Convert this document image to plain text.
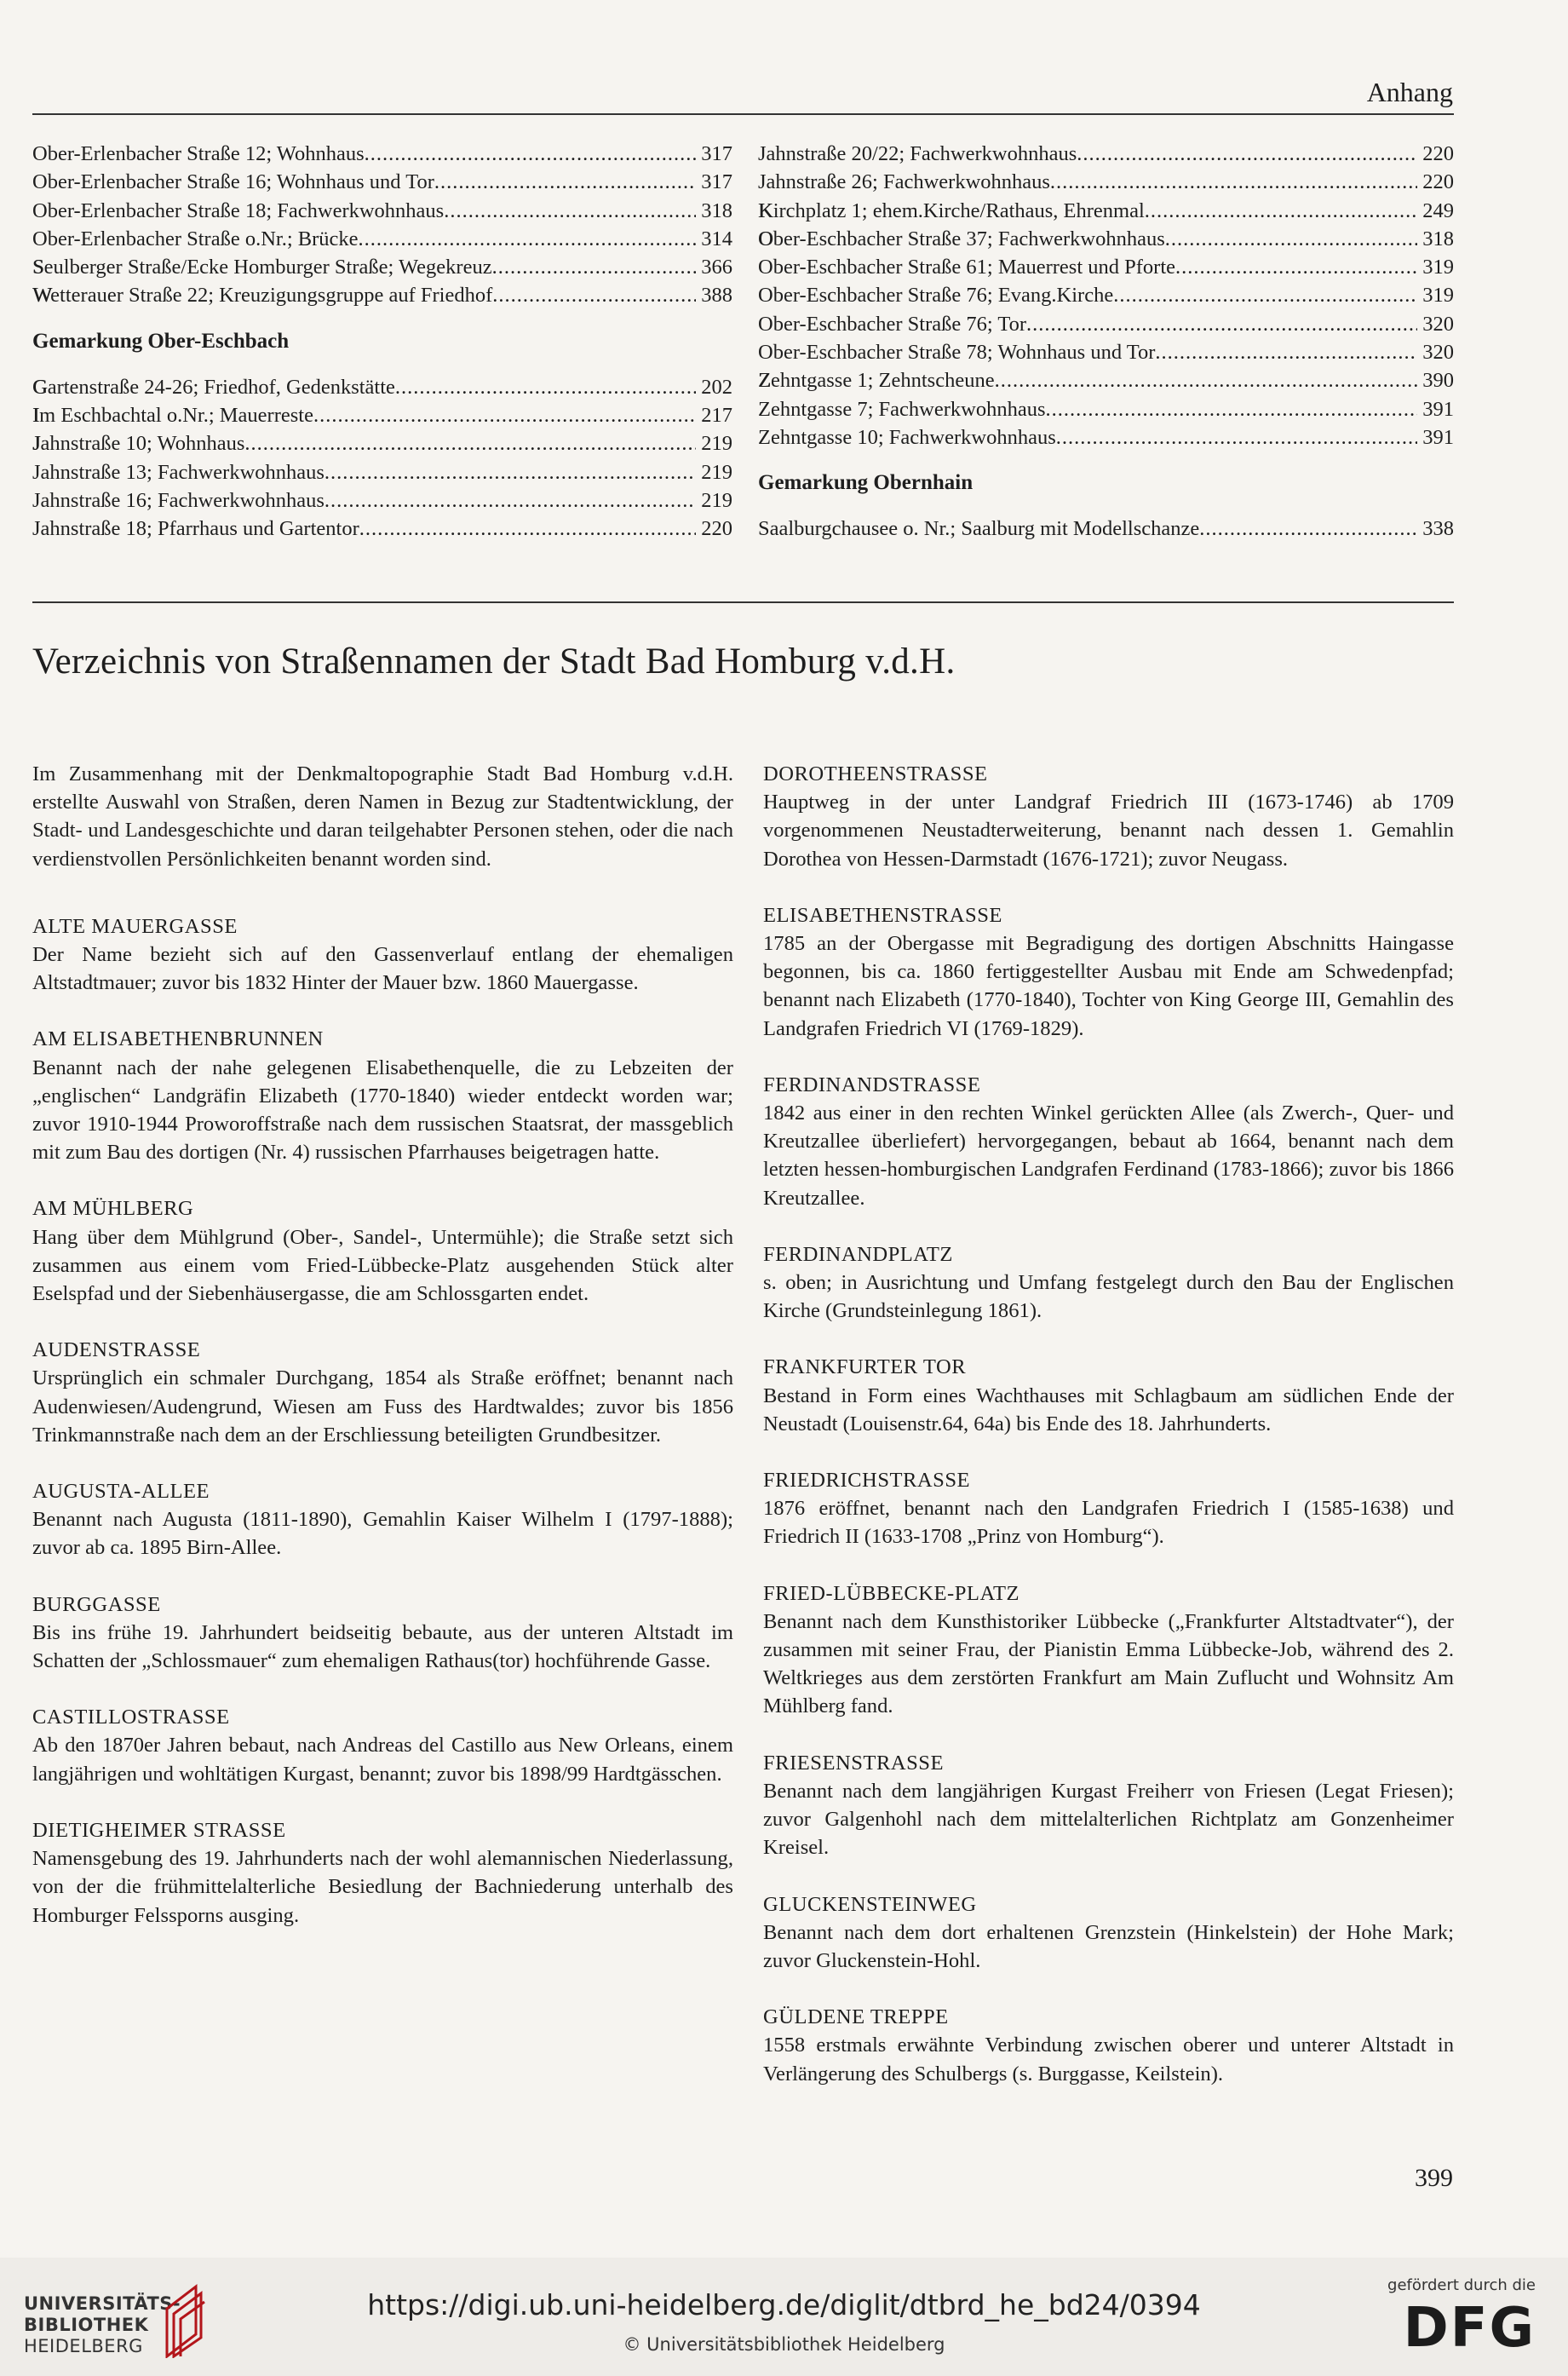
Anhang
Ober-Erlenbacher Straße 12; Wohnhaus .....	317
Ober-Erlenbacher Straße 16; Wohnhaus und Tor .....	317
Ober-Erlenbacher Straße 18; Fachwerkwohnhaus .....	318
Ober-Erlenbacher Straße o.Nr.; Brücke .....	314
Seulberger Straße/Ecke Homburger Straße; Wegekreuz .....	366
Wetterauer Straße 22; Kreuzigungsgruppe auf Friedhof .....	388
Gemarkung Ober-Eschbach
Gartenstraße 24-26; Friedhof, Gedenkstätte .....	202
Im Eschbachtal o.Nr.; Mauerreste .....	217
Jahnstraße 10; Wohnhaus .....	219
Jahnstraße 13; Fachwerkwohnhaus .....	219
Jahnstraße 16; Fachwerkwohnhaus .....	219
Jahnstraße 18; Pfarrhaus und Gartentor .....	220
Jahnstraße 20/22; Fachwerkwohnhaus .....	220
Jahnstraße 26; Fachwerkwohnhaus .....	220
Kirchplatz 1; ehem.Kirche/Rathaus, Ehrenmal .....	249
Ober-Eschbacher Straße 37; Fachwerkwohnhaus .....	318
Ober-Eschbacher Straße 61; Mauerrest und Pforte .....	319
Ober-Eschbacher Straße 76; Evang.Kirche .....	319
Ober-Eschbacher Straße 76; Tor .....	320
Ober-Eschbacher Straße 78; Wohnhaus und Tor .....	320
Zehntgasse 1; Zehntscheune .....	390
Zehntgasse 7; Fachwerkwohnhaus .....	391
Zehntgasse 10; Fachwerkwohnhaus .....	391
Gemarkung Obernhain
Saalburgchausee o. Nr.; Saalburg mit Modellschanze .....	338
Verzeichnis von Straßennamen der Stadt Bad Homburg v.d.H.
Im Zusammenhang mit der Denkmaltopographie Stadt Bad Homburg v.d.H. erstellte Auswahl von Straßen, deren Namen in Bezug zur Stadtentwicklung, der Stadt- und Landesgeschichte und daran teilgehabter Personen stehen, oder die nach verdienstvollen Persönlichkeiten benannt worden sind.
ALTE MAUERGASSE
Der Name bezieht sich auf den Gassenverlauf entlang der ehemaligen Altstadtmauer; zuvor bis 1832 Hinter der Mauer bzw. 1860 Mauergasse.
AM ELISABETHENBRUNNEN
Benannt nach der nahe gelegenen Elisabethenquelle, die zu Lebzeiten der „englischen“ Landgräfin Elizabeth (1770-1840) wieder entdeckt worden war; zuvor 1910-1944 Proworoffstraße nach dem russischen Staatsrat, der massgeblich mit zum Bau des dortigen (Nr. 4) russischen Pfarrhauses beigetragen hatte.
AM MÜHLBERG
Hang über dem Mühlgrund (Ober-, Sandel-, Untermühle); die Straße setzt sich zusammen aus einem vom Fried-Lübbecke-Platz ausgehenden Stück alter Eselspfad und der Siebenhäusergasse, die am Schlossgarten endet.
AUDENSTRASSE
Ursprünglich ein schmaler Durchgang, 1854 als Straße eröffnet; benannt nach Audenwiesen/Audengrund, Wiesen am Fuss des Hardtwaldes; zuvor bis 1856 Trinkmannstraße nach dem an der Erschliessung beteiligten Grundbesitzer.
AUGUSTA-ALLEE
Benannt nach Augusta (1811-1890), Gemahlin Kaiser Wilhelm I (1797-1888); zuvor ab ca. 1895 Birn-Allee.
BURGGASSE
Bis ins frühe 19. Jahrhundert beidseitig bebaute, aus der unteren Altstadt im Schatten der „Schlossmauer“ zum ehemaligen Rathaus(tor) hochführende Gasse.
CASTILLOSTRASSE
Ab den 1870er Jahren bebaut, nach Andreas del Castillo aus New Orleans, einem langjährigen und wohltätigen Kurgast, benannt; zuvor bis 1898/99 Hardtgässchen.
DIETIGHEIMER STRASSE
Namensgebung des 19. Jahrhunderts nach der wohl alemannischen Niederlassung, von der die frühmittelalterliche Besiedlung der Bachniederung unterhalb des Homburger Felssporns ausging.
DOROTHEENSTRASSE
Hauptweg in der unter Landgraf Friedrich III (1673-1746) ab 1709 vorgenommenen Neustadterweiterung, benannt nach dessen 1. Gemahlin Dorothea von Hessen-Darmstadt (1676-1721); zuvor Neugass.
ELISABETHENSTRASSE
1785 an der Obergasse mit Begradigung des dortigen Abschnitts Haingasse begonnen, bis ca. 1860 fertiggestellter Ausbau mit Ende am Schwedenpfad; benannt nach Elizabeth (1770-1840), Tochter von King George III, Gemahlin des Landgrafen Friedrich VI (1769-1829).
FERDINANDSTRASSE
1842 aus einer in den rechten Winkel gerückten Allee (als Zwerch-, Quer- und Kreutzallee überliefert) hervorgegangen, bebaut ab 1664, benannt nach dem letzten hessen-homburgischen Landgrafen Ferdinand (1783-1866); zuvor bis 1866 Kreutzallee.
FERDINANDPLATZ
s. oben; in Ausrichtung und Umfang festgelegt durch den Bau der Englischen Kirche (Grundsteinlegung 1861).
FRANKFURTER TOR
Bestand in Form eines Wachthauses mit Schlagbaum am südlichen Ende der Neustadt (Louisenstr.64, 64a) bis Ende des 18. Jahrhunderts.
FRIEDRICHSTRASSE
1876 eröffnet, benannt nach den Landgrafen Friedrich I (1585-1638) und Friedrich II (1633-1708 „Prinz von Homburg“).
FRIED-LÜBBECKE-PLATZ
Benannt nach dem Kunsthistoriker Lübbecke („Frankfurter Altstadtvater“), der zusammen mit seiner Frau, der Pianistin Emma Lübbecke-Job, während des 2. Weltkrieges aus dem zerstörten Frankfurt am Main Zuflucht und Wohnsitz Am Mühlberg fand.
FRIESENSTRASSE
Benannt nach dem langjährigen Kurgast Freiherr von Friesen (Legat Friesen); zuvor Galgenhohl nach dem mittelalterlichen Richtplatz am Gonzenheimer Kreisel.
GLUCKENSTEINWEG
Benannt nach dem dort erhaltenen Grenzstein (Hinkelstein) der Hohe Mark; zuvor Gluckenstein-Hohl.
GÜLDENE TREPPE
1558 erstmals erwähnte Verbindung zwischen oberer und unterer Altstadt in Verlängerung des Schulbergs (s. Burggasse, Keilstein).
399
UNIVERSITÄTS-
BIBLIOTHEK
HEIDELBERG
https://digi.ub.uni-heidelberg.de/diglit/dtbrd_he_bd24/0394
© Universitätsbibliothek Heidelberg
gefördert durch die
DFG
